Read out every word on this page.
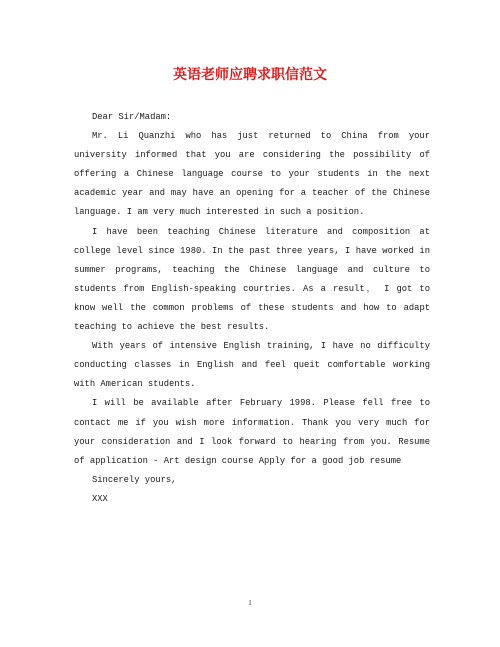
英语老师应聘求职信范文

Dear Sir/Madam:

Mr. Li Quanzhi who has just returned to China from your university informed that you are considering the possibility of offering a Chinese language course to your students in the next academic year and may have an opening for a teacher of the Chinese language. I am very much interested in such a position.

I have been teaching Chinese literature and composition at college level since 1980. In the past three years, I have worked in summer programs, teaching the Chinese language and culture to students from English-speaking courtries. As a result， I got to know well the common problems of these students and how to adapt teaching to achieve the best results.

With years of intensive English training, I have no difficulty conducting classes in English and feel queit comfortable working with American students.

I will be available after February 1998. Please fell free to contact me if you wish more information. Thank you very much for your consideration and I look forward to hearing from you. Resume of application - Art design course Apply for a good job resume

Sincerely yours,

XXX

1
